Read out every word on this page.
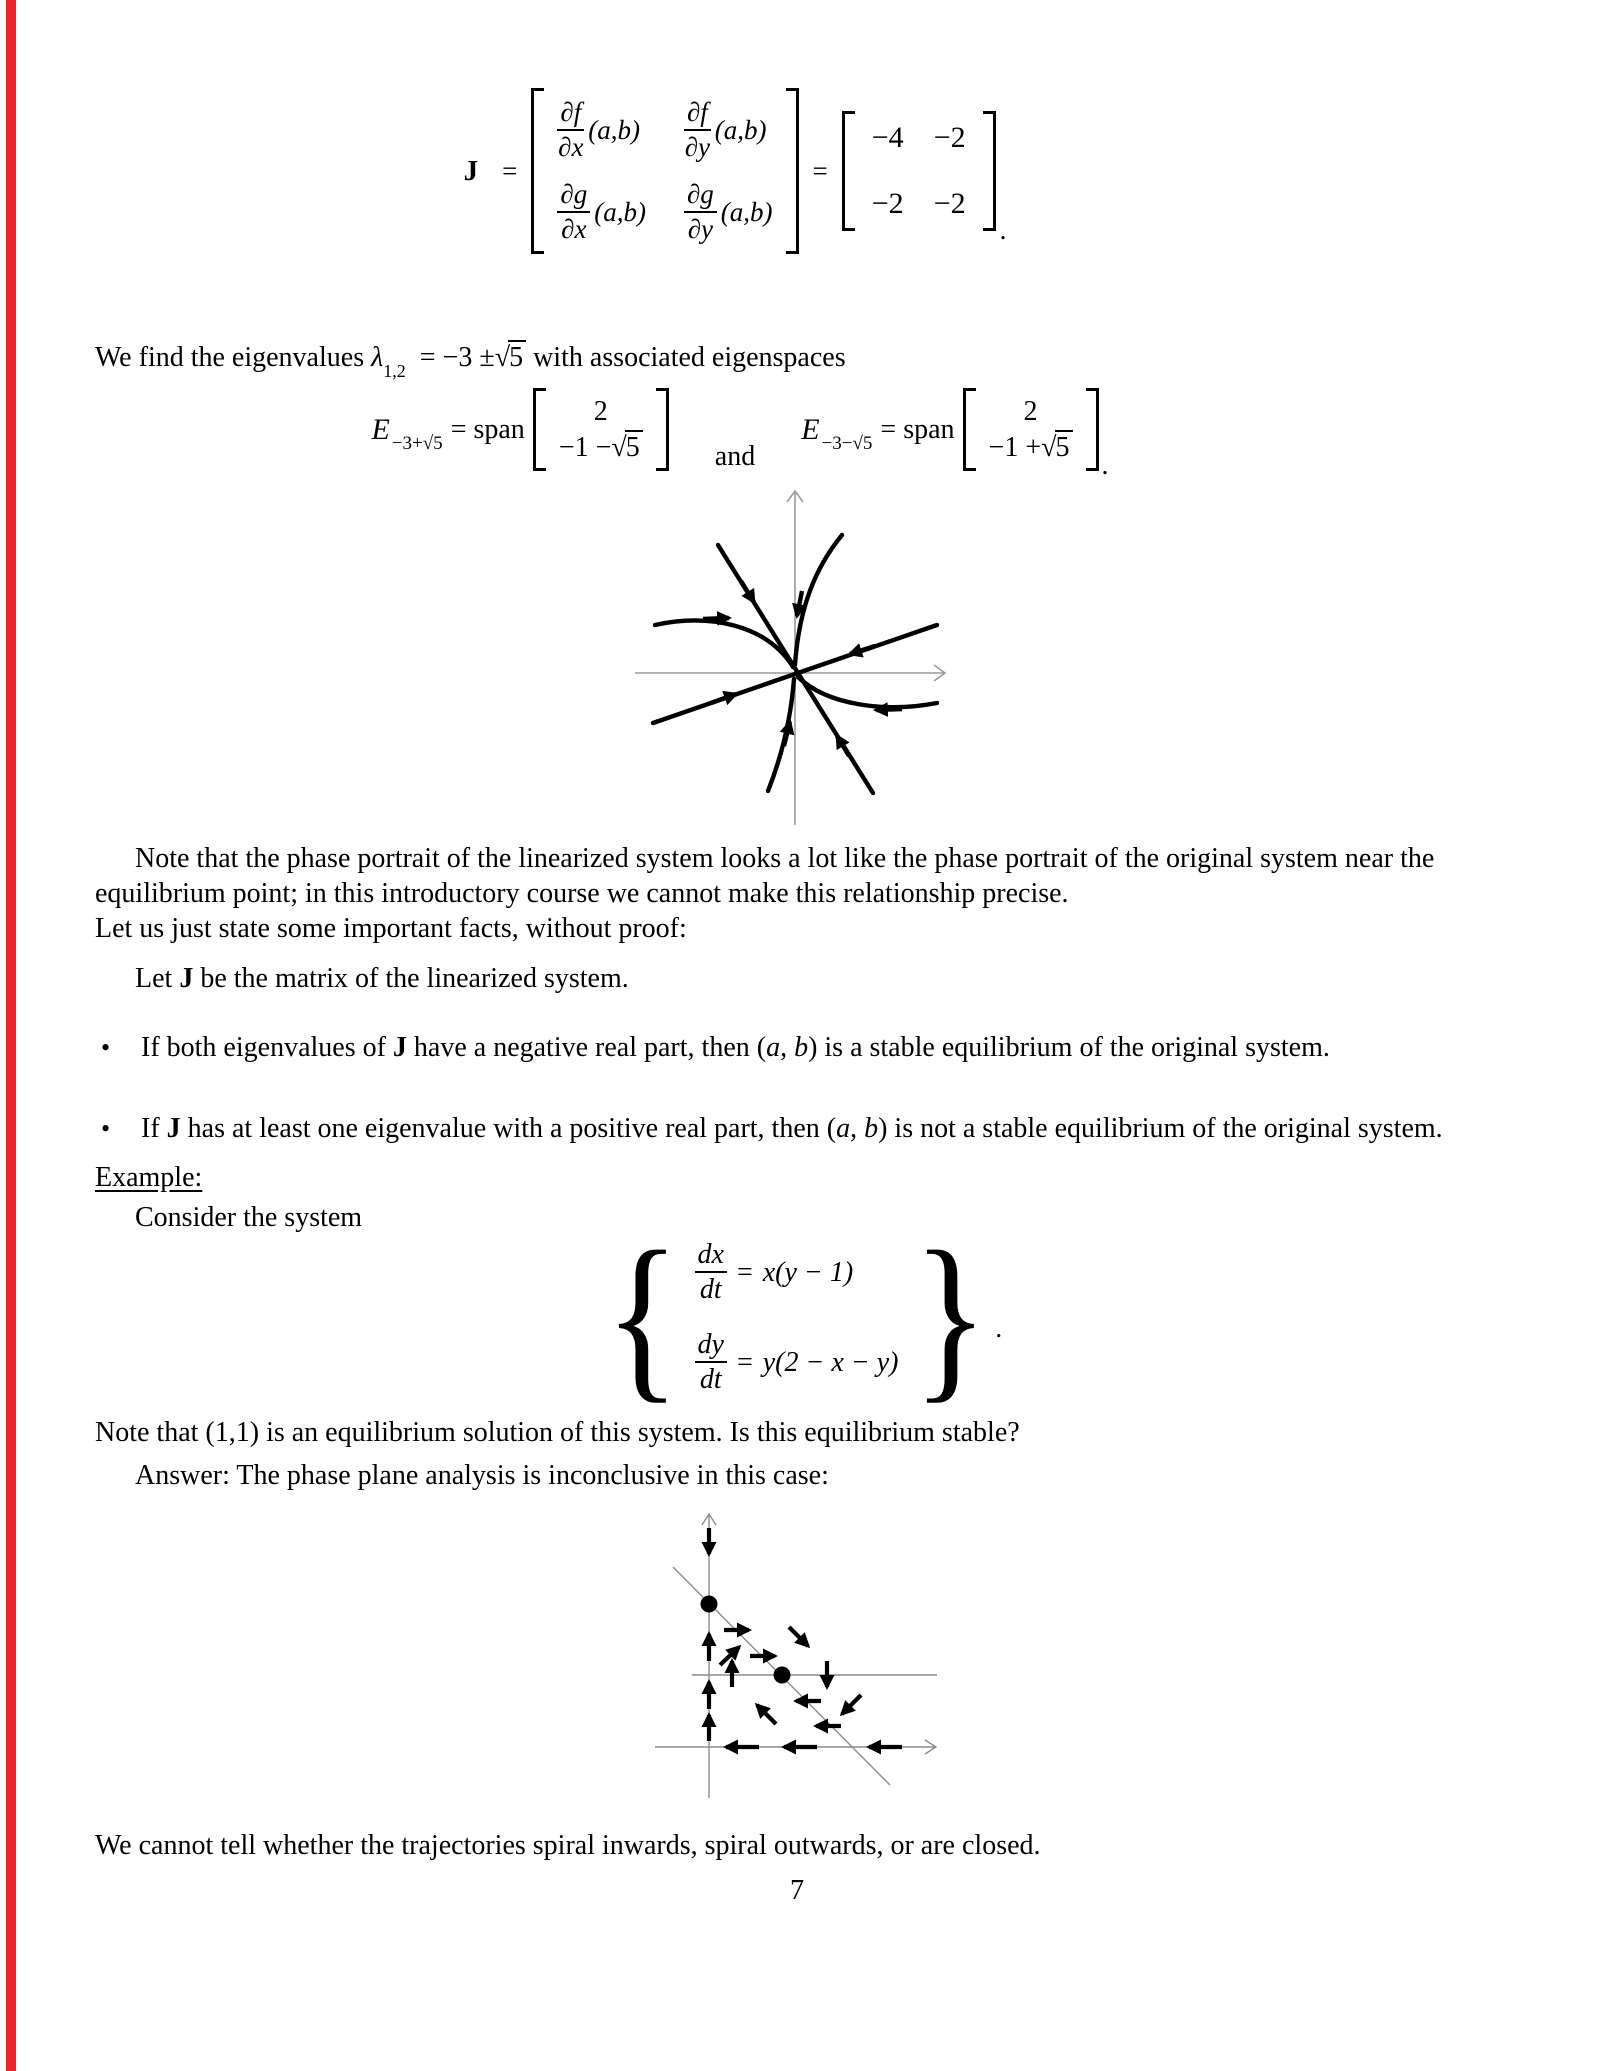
J =
$\frac{\partial f}{\partial x} (a,b) \frac{\partial f}{\partial y} (a,b)$
$\frac{\partial g}{\partial x} (a,b) \frac{\partial g}{\partial y} (a,b)$
=
−4 −2
−2 −2
.
We find the eigenvalues $\lambda_{1,2} = -3 \pm√5$ with associated eigenspaces
E −3+√5 = span
2
−1 −√5	and
E −3−√5 = span
2
−1 +√5
.
Note that the phase portrait of the linearized system looks a lot like the phase portrait of the original system near the equilibrium point; in this introductory course we cannot make this relationship precise.
Let us just state some important facts, without proof:
Let J be the matrix of the linearized system.
•	If both eigenvalues of J have a negative real part, then (a, b) is a stable equilibrium of the original system.
•	If J has at least one eigenvalue with a positive real part, then (a, b) is not a stable equilibrium of the original system.
Example:
Consider the system	{ $\frac{dx}{dt} = x(y - 1)$
$\frac{dy}{dt} = y(2 - x - y)$ } .
Note that (1,1) is an equilibrium solution of this system. Is this equilibrium stable?
Answer: The phase plane analysis is inconclusive in this case:
We cannot tell whether the trajectories spiral inwards, spiral outwards, or are closed.
7
